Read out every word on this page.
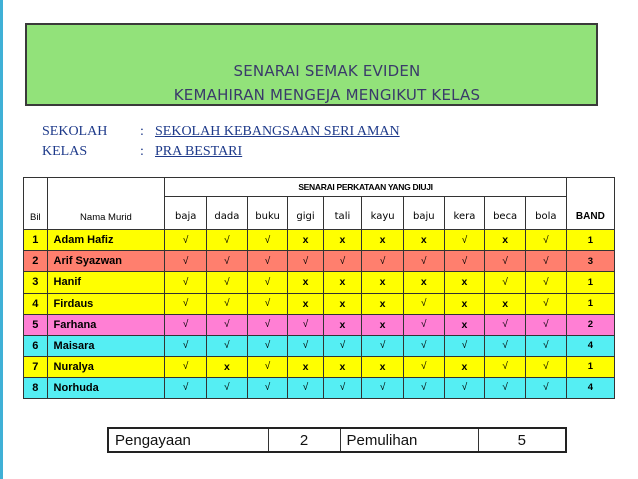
SENARAI SEMAK EVIDEN
KEMAHIRAN MENGEJA MENGIKUT KELAS
SEKOLAH : SEKOLAH KEBANGSAAN SERI AMAN
KELAS	: PRA BESTARI
Bil	Nama Murid	SENARAI PERKATAAN YANG DIUJI										BAND
		baja	dada	buku	gigi	tali	kayu	baju	kera	beca	bola	
1	Adam Hafiz	√	√	√	x	x	x	x	√	x	√	1
2	Arif Syazwan	√	√	√	√	√	√	√	√	√	√	3
3	Hanif	√	√	√	x	x	x	x	x	√	√	1
4	Firdaus	√	√	√	x	x	x	√	x	x	√	1
5	Farhana	√	√	√	√	x	x	√	x	√	√	2
6	Maisara	√	√	√	√	√	√	√	√	√	√	4
7	Nuralya	√	x	√	x	x	x	√	x	√	√	1
8	Norhuda	√	√	√	√	√	√	√	√	√	√	4
Pengayaan	2	Pemulihan	5
